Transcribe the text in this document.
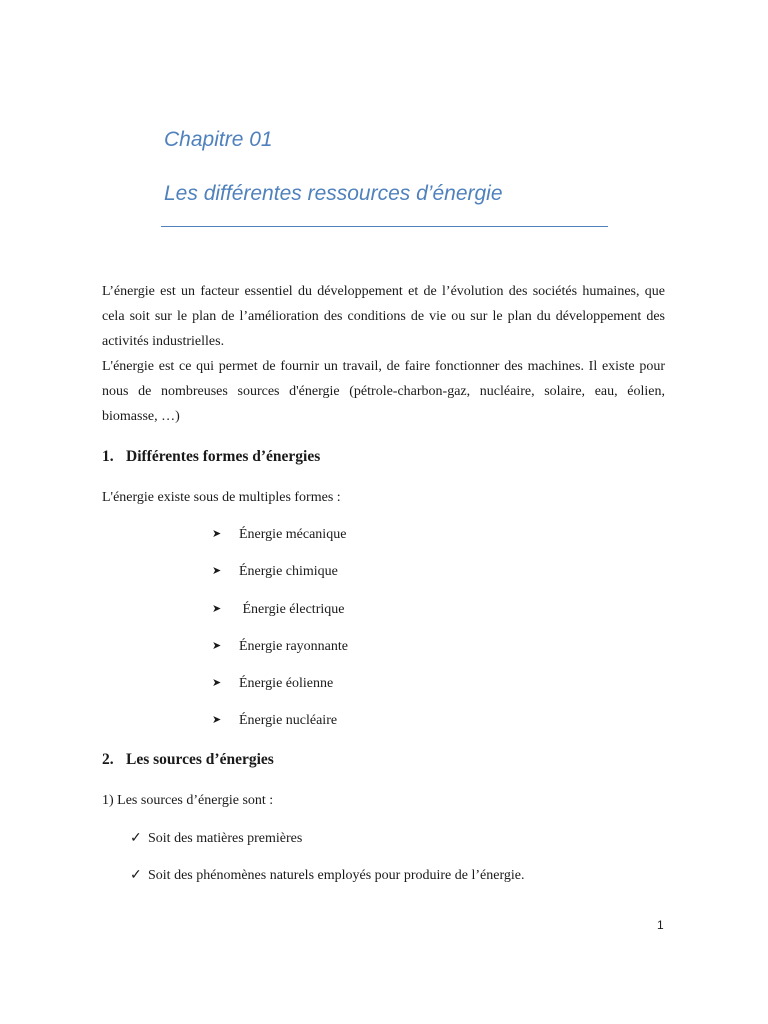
Chapitre 01
Les différentes ressources d’énergie

L’énergie est un facteur essentiel du développement et de l’évolution des sociétés humaines, que cela soit sur le plan de l’amélioration des conditions de vie ou sur le plan du développement des activités industrielles.

L'énergie est ce qui permet de fournir un travail, de faire fonctionner des machines. Il existe pour nous de nombreuses sources d'énergie (pétrole-charbon-gaz, nucléaire, solaire, eau, éolien, biomasse, …)

1. Différentes formes d’énergies
L'énergie existe sous de multiples formes :
➤ Énergie mécanique
➤ Énergie chimique
➤ Énergie électrique
➤ Énergie rayonnante
➤ Énergie éolienne
➤ Énergie nucléaire
2. Les sources d’énergies
1) Les sources d’énergie sont :
✓ Soit des matières premières
✓ Soit des phénomènes naturels employés pour produire de l’énergie.
1
